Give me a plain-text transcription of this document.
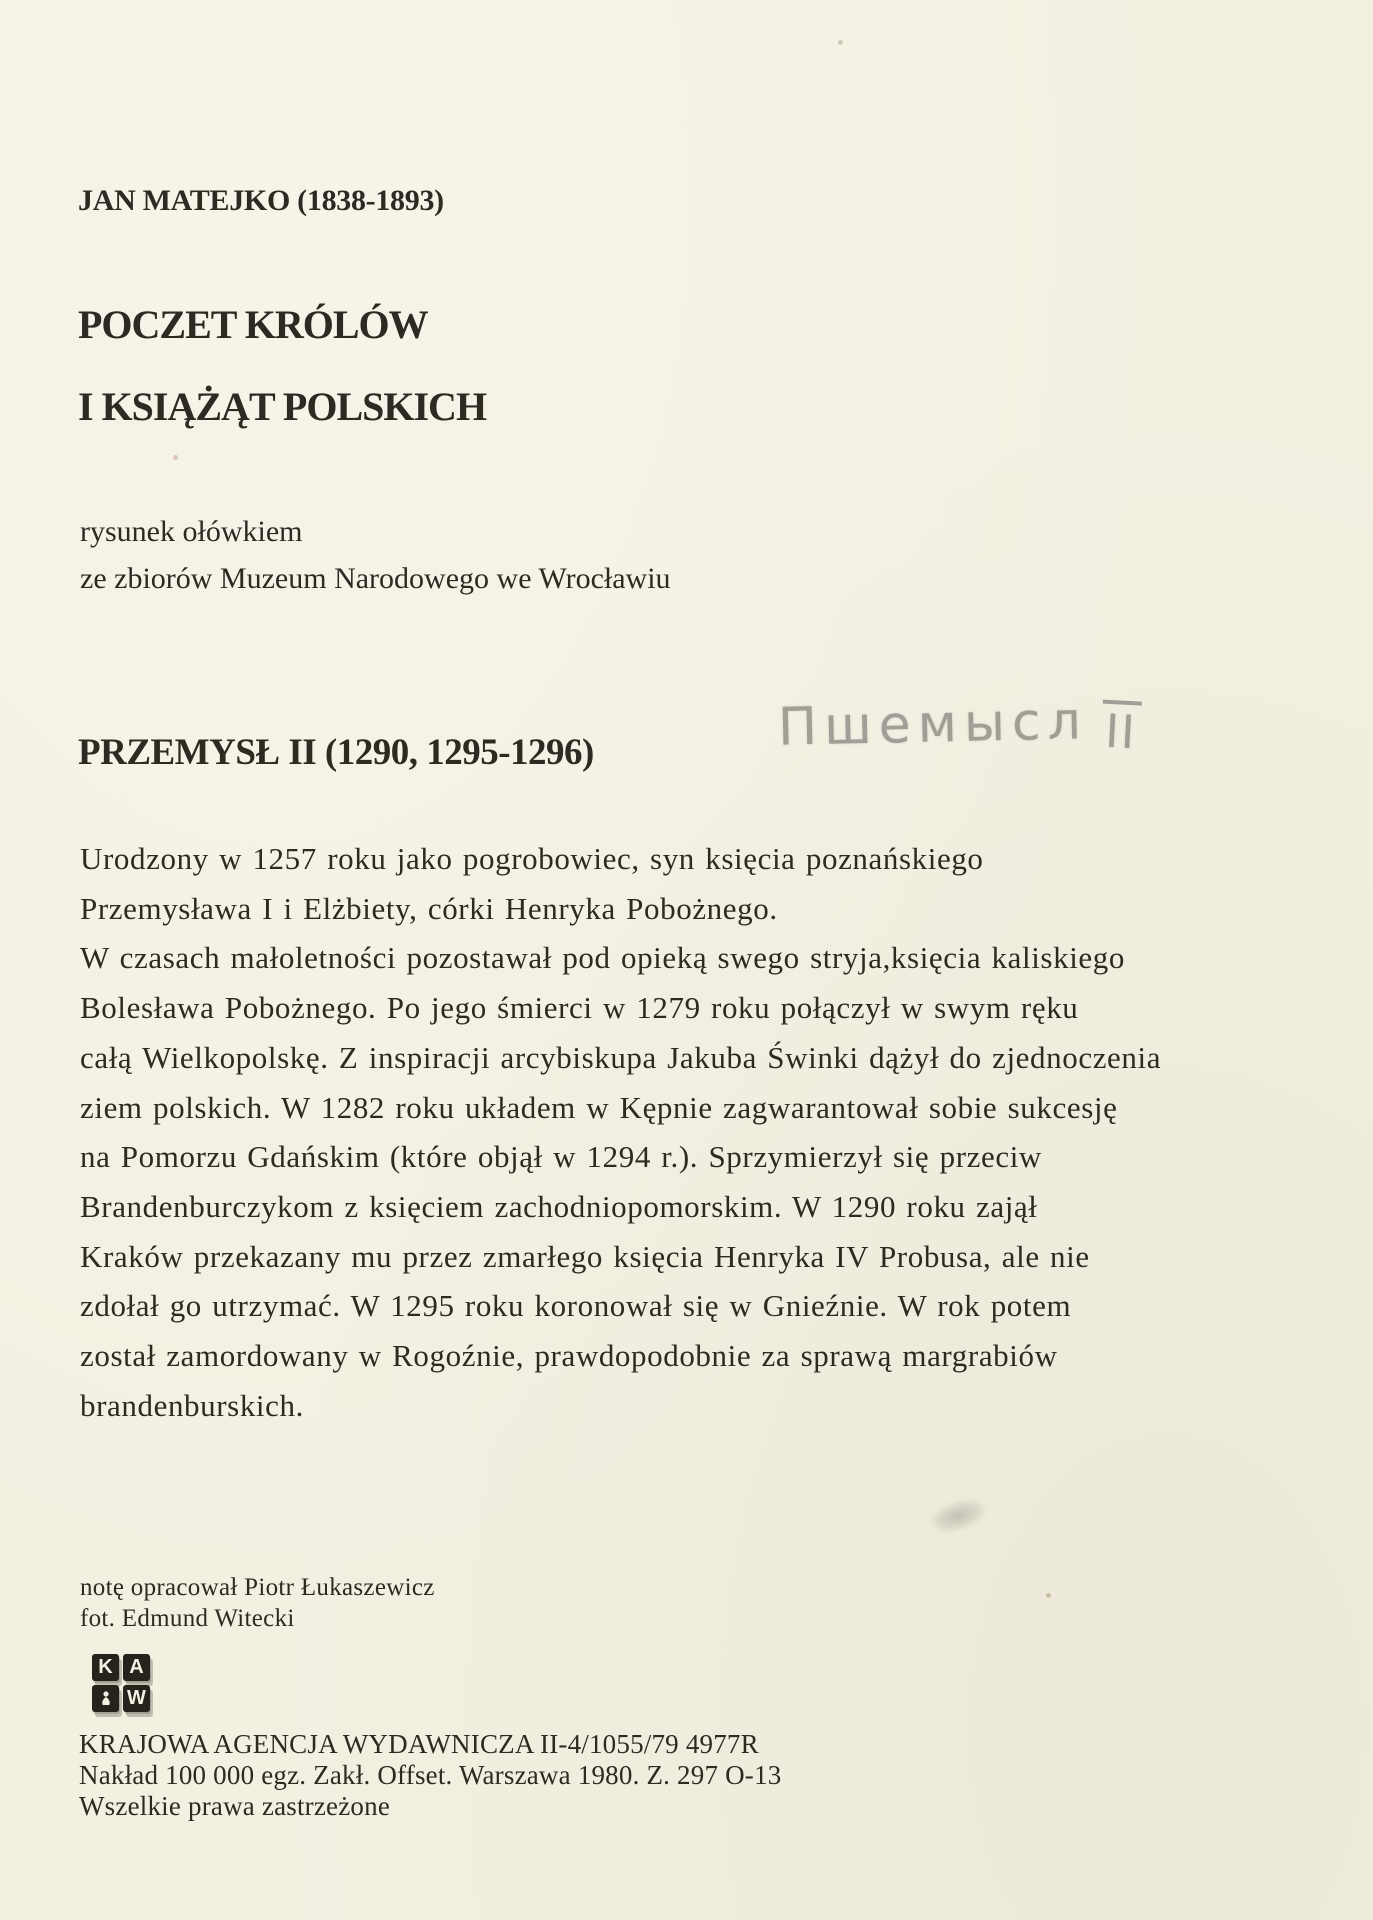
JAN MATEJKO (1838-1893)
POCZET KRÓLÓW
I KSIĄŻĄT POLSKICH
rysunek ołówkiem
ze zbiorów Muzeum Narodowego we Wrocławiu
PRZEMYSŁ II (1290, 1295-1296)	Пшемысл II
Urodzony w 1257 roku jako pogrobowiec, syn księcia poznańskiego
Przemysława I i Elżbiety, córki Henryka Pobożnego.
W czasach małoletności pozostawał pod opieką swego stryja,księcia kaliskiego
Bolesława Pobożnego. Po jego śmierci w 1279 roku połączył w swym ręku
całą Wielkopolskę. Z inspiracji arcybiskupa Jakuba Świnki dążył do zjednoczenia
ziem polskich. W 1282 roku układem w Kępnie zagwarantował sobie sukcesję
na Pomorzu Gdańskim (które objął w 1294 r.). Sprzymierzył się przeciw
Brandenburczykom z księciem zachodniopomorskim. W 1290 roku zajął
Kraków przekazany mu przez zmarłego księcia Henryka IV Probusa, ale nie
zdołał go utrzymać. W 1295 roku koronował się w Gnieźnie. W rok potem
został zamordowany w Rogoźnie, prawdopodobnie za sprawą margrabiów
brandenburskich.
notę opracował Piotr Łukaszewicz
fot. Edmund Witecki
K A
W
KRAJOWA AGENCJA WYDAWNICZA II-4/1055/79 4977R
Nakład 100 000 egz. Zakł. Offset. Warszawa 1980. Z. 297 O-13
Wszelkie prawa zastrzeżone
